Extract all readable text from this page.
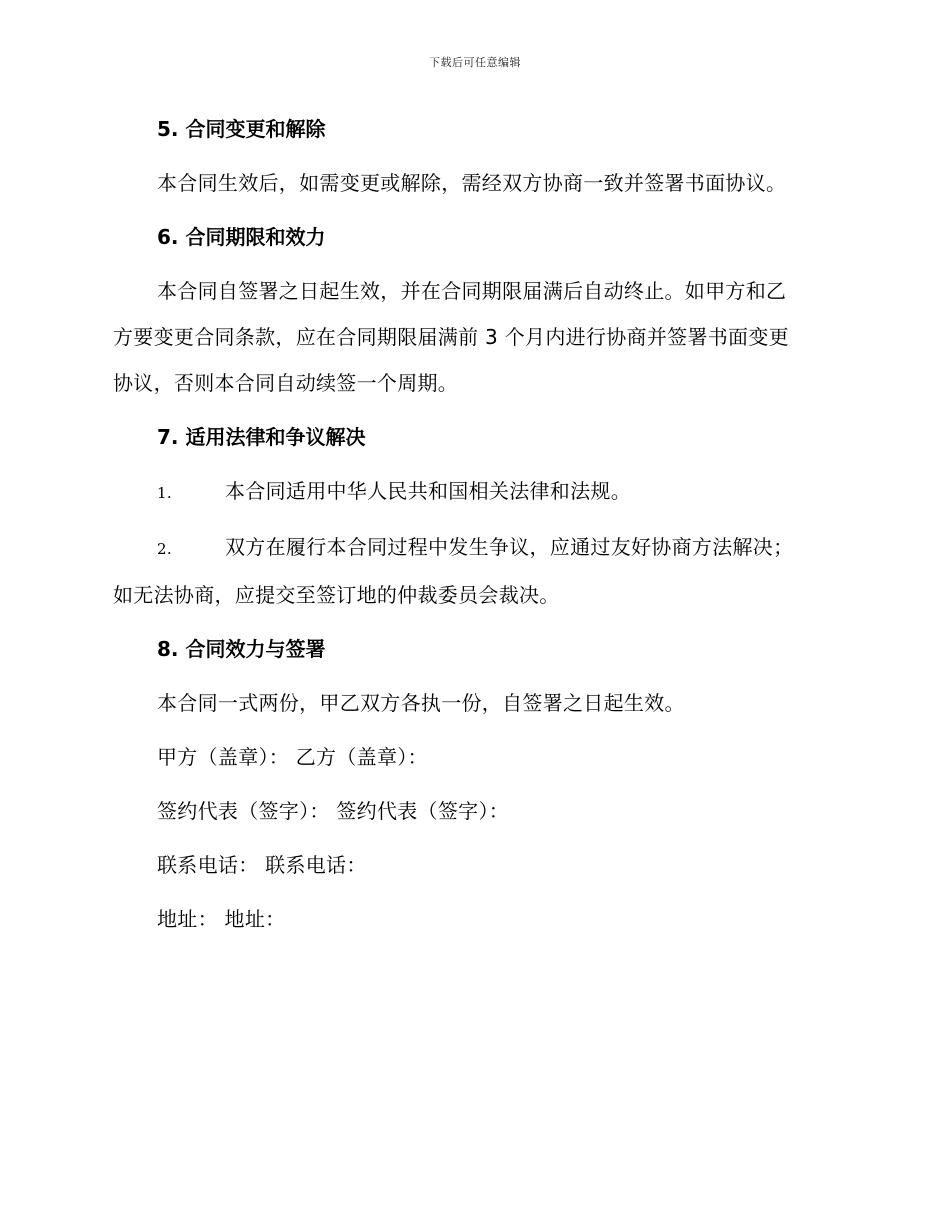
下载后可任意编辑

5. 合同变更和解除

本合同生效后，如需变更或解除，需经双方协商一致并签署书面协议。

6. 合同期限和效力

本合同自签署之日起生效，并在合同期限届满后自动终止。如甲方和乙

方要变更合同条款，应在合同期限届满前 3 个月内进行协商并签署书面变更

协议，否则本合同自动续签一个周期。

7. 适用法律和争议解决

1.	本合同适用中华人民共和国相关法律和法规。

2.	双方在履行本合同过程中发生争议，应通过友好协商方法解决；

如无法协商，应提交至签订地的仲裁委员会裁决。

8. 合同效力与签署

本合同一式两份，甲乙双方各执一份，自签署之日起生效。

甲方（盖章）： 乙方（盖章）：

签约代表（签字）： 签约代表（签字）：

联系电话： 联系电话：

地址： 地址：
